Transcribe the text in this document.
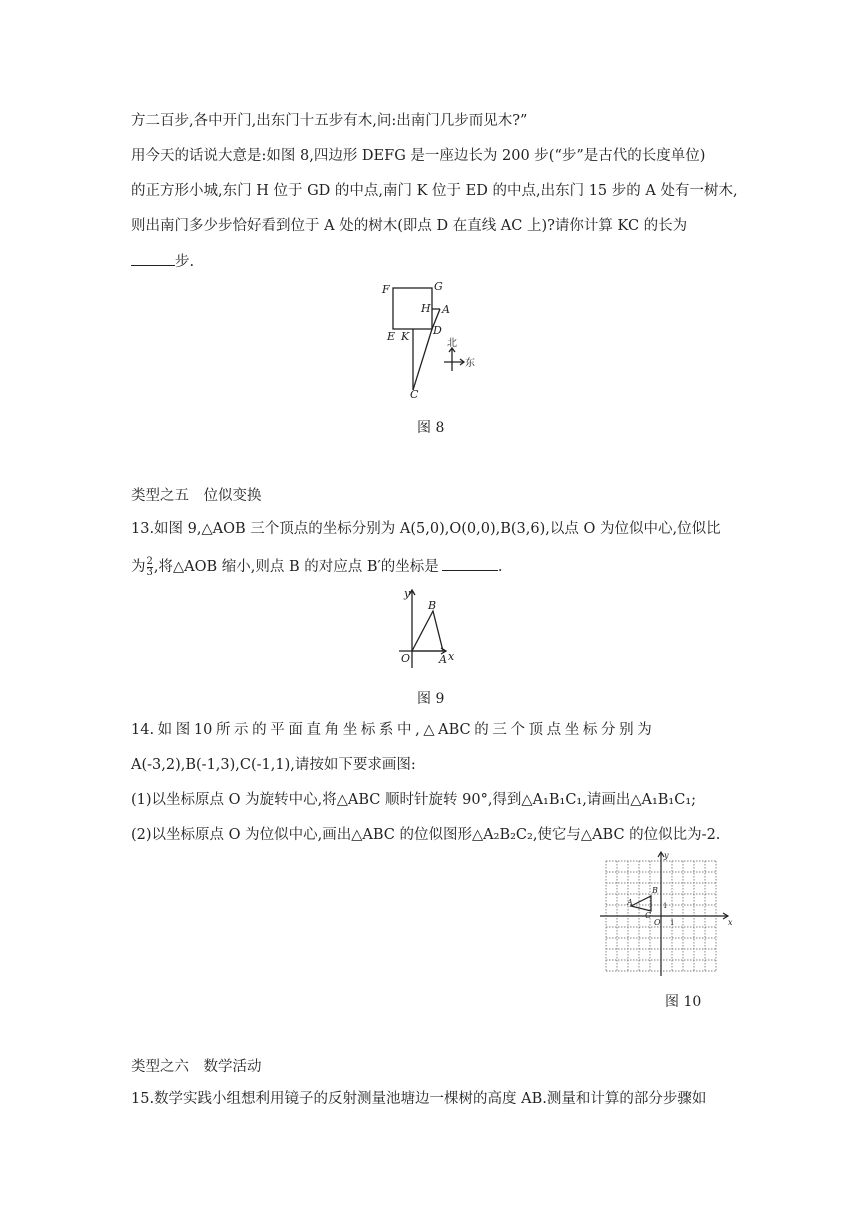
方二百步,各中开门,出东门十五步有木,问:出南门几步而见木?”
用今天的话说大意是:如图 8,四边形 DEFG 是一座边长为 200 步(“步”是古代的长度单位)
的正方形小城,东门 H 位于 GD 的中点,南门 K 位于 ED 的中点,出东门 15 步的 A 处有一树木,
则出南门多少步恰好看到位于 A 处的树木(即点 D 在直线 AC 上)?请你计算 KC 的长为
步.
F	G
H A
D
E K
C
北
东
图 8
类型之五　位似变换
13.如图 9,△AOB 三个顶点的坐标分别为 A(5,0),O(0,0),B(3,6),以点 O 为位似中心,位似比
为 $\frac{2}{3}$ ,将△AOB 缩小,则点 B 的对应点 B′的坐标是	.
y
x
O	A
B
图 9
14. 如 图 10 所 示 的 平 面 直 角 坐 标 系 中 , △ ABC 的 三 个 顶 点 坐 标 分 别 为
A(-3,2),B(-1,3),C(-1,1),请按如下要求画图:
(1)以坐标原点 O 为旋转中心,将△ABC 顺时针旋转 90°,得到△A₁B₁C₁,请画出△A₁B₁C₁;
(2)以坐标原点 O 为位似中心,画出△ABC 的位似图形△A₂B₂C₂,使它与△ABC 的位似比为-2.
y
x
O
A
B
C
1
1
图 10
类型之六　数学活动
15.数学实践小组想利用镜子的反射测量池塘边一棵树的高度 AB.测量和计算的部分步骤如
